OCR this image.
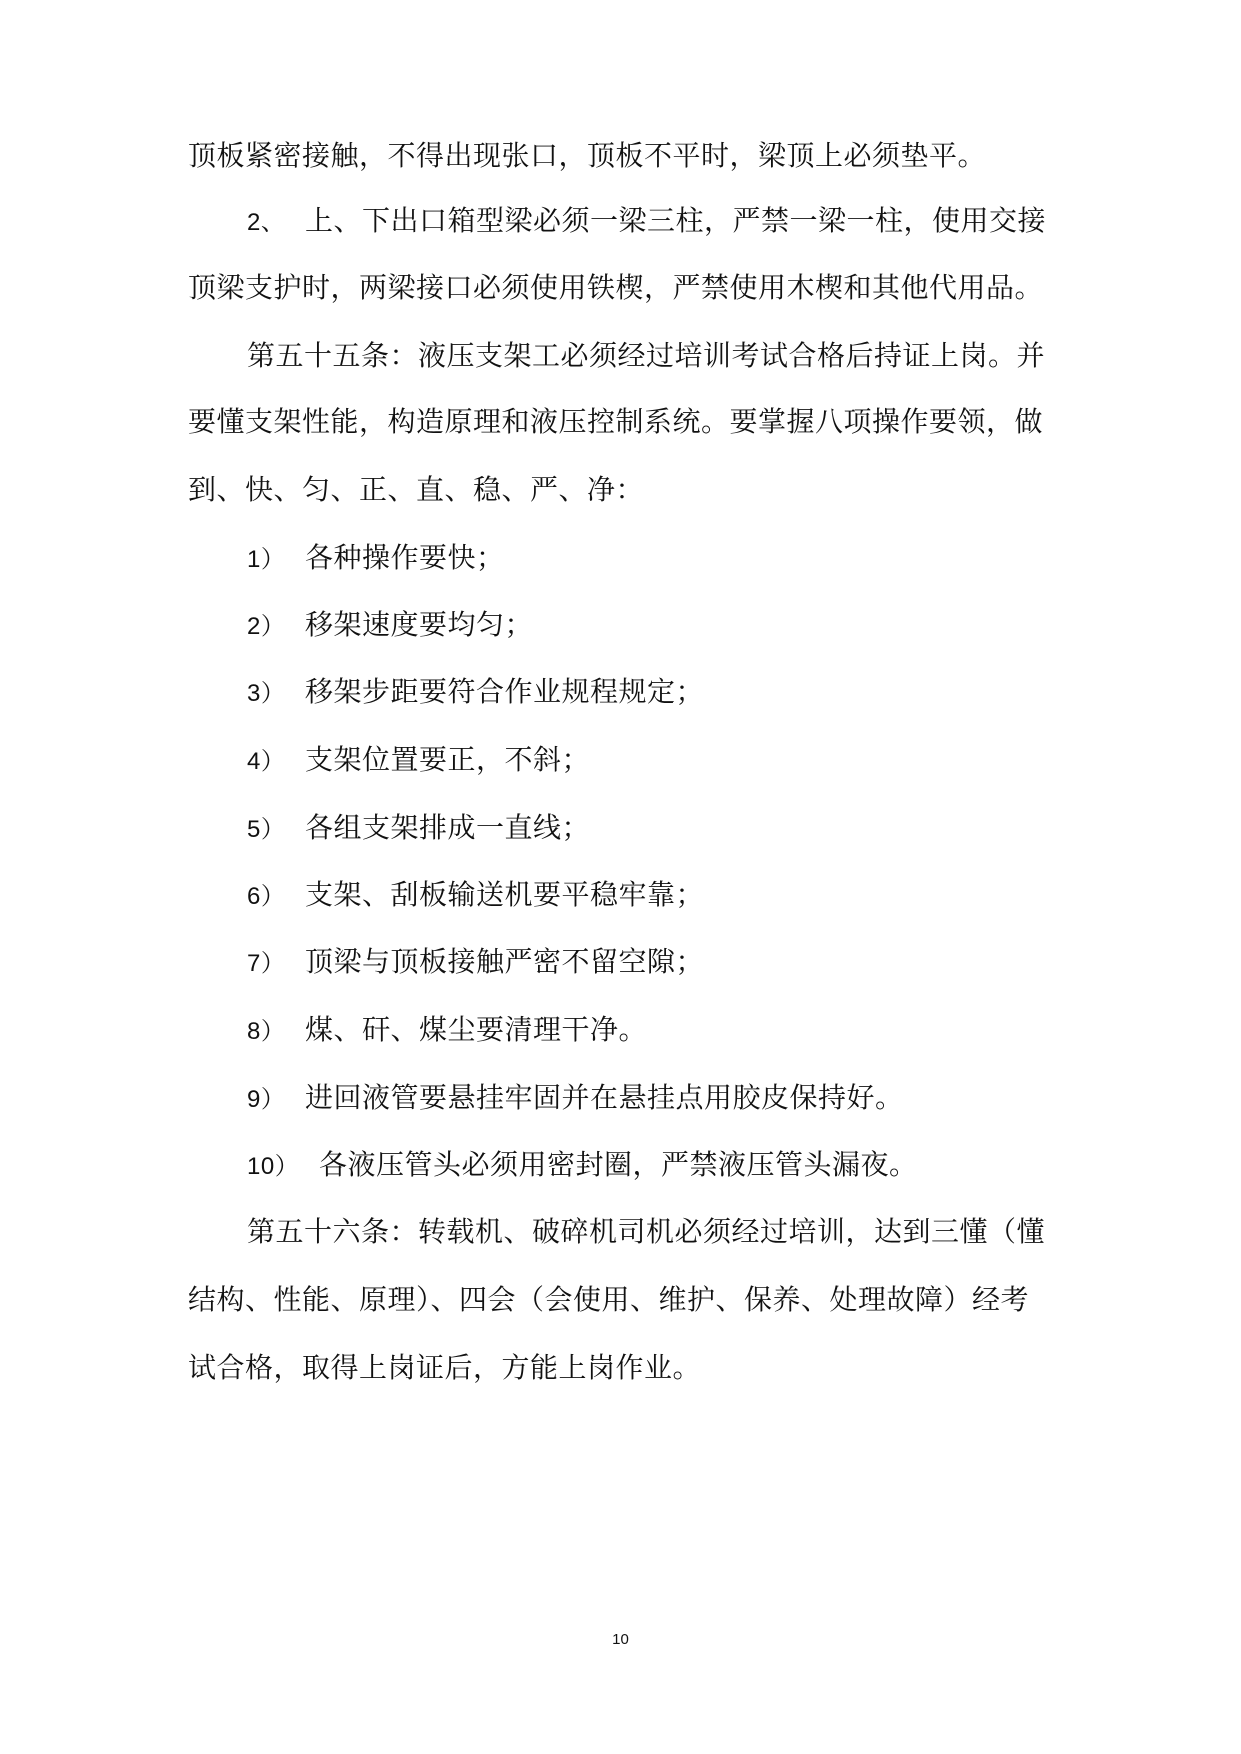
顶板紧密接触，不得出现张口，顶板不平时，梁顶上必须垫平。
2、 上、下出口箱型梁必须一梁三柱，严禁一梁一柱，使用交接
顶梁支护时，两梁接口必须使用铁楔，严禁使用木楔和其他代用品。
第五十五条：液压支架工必须经过培训考试合格后持证上岗。并
要懂支架性能，构造原理和液压控制系统。要掌握八项操作要领，做
到、快、匀、正、直、稳、严、净：
1） 各种操作要快；
2） 移架速度要均匀；
3） 移架步距要符合作业规程规定；
4） 支架位置要正，不斜；
5） 各组支架排成一直线；
6） 支架、刮板输送机要平稳牢靠；
7） 顶梁与顶板接触严密不留空隙；
8） 煤、矸、煤尘要清理干净。
9） 进回液管要悬挂牢固并在悬挂点用胶皮保持好。
10） 各液压管头必须用密封圈，严禁液压管头漏夜。
第五十六条：转载机、破碎机司机必须经过培训，达到三懂（懂
结构、性能、原理）、四会（会使用、维护、保养、处理故障）经考
试合格，取得上岗证后，方能上岗作业。
10
